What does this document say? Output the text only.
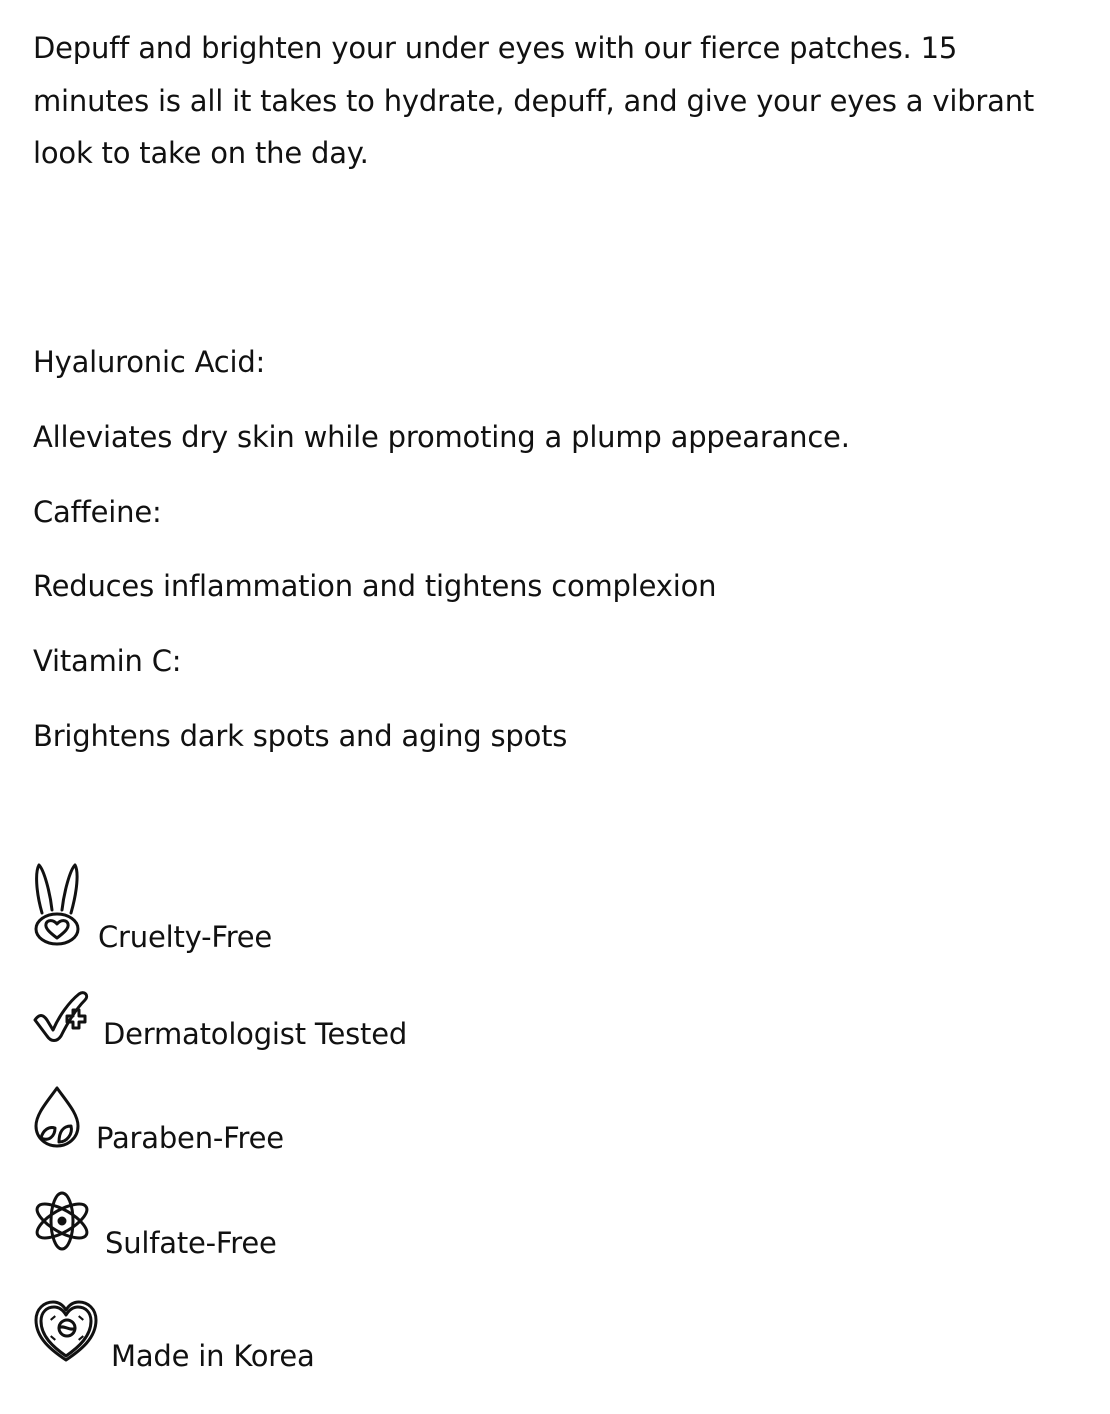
Depuff and brighten your under eyes with our fierce patches. 15 minutes is all it takes to hydrate, depuff, and give your eyes a vibrant look to take on the day.

Hyaluronic Acid:

Alleviates dry skin while promoting a plump appearance.

Caffeine:

Reduces inflammation and tightens complexion

Vitamin C:

Brightens dark spots and aging spots

Cruelty-Free
Dermatologist Tested
Paraben-Free
Sulfate-Free
Made in Korea
